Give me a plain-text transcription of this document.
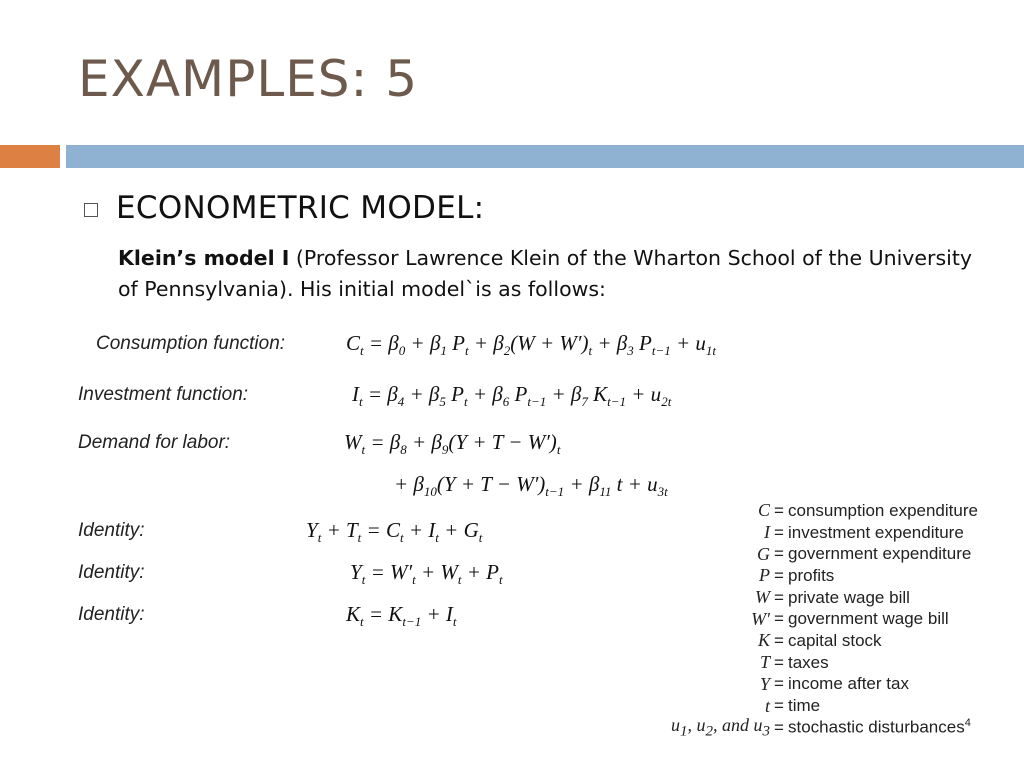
EXAMPLES: 5
ECONOMETRIC MODEL:
Klein’s model I (Professor Lawrence Klein of the Wharton School of the University of Pennsylvania). His initial model`is as follows:
Consumption function:
Investment function:
Demand for labor:
Identity:
Identity:
Identity:
$C_t = \beta_0 + \beta_1$ $P_t + \beta_2(W + W')_t + \beta_3$ $P_{t-1} + u_{1t}$
$I_t = \beta_4 + \beta_5$ $P_t + \beta_6$ $P_{t-1} + \beta_7$ $K_{t-1} + u_{2t}$
$W_t = \beta_8 + \beta_9(Y + T - W')_t$
+ $\beta_{10}(Y + T - W')_{t-1} + \beta_{11}$ $t + u_{3t}$
$Y_t + T_t = C_t + I_t + G_t$
$Y_t = W'_t + W_t + P_t$
$K_t = K_{t-1} + I_t$
C = consumption expenditure
I = investment expenditure
G = government expenditure
P = profits
W = private wage bill
W′ = government wage bill
K = capital stock
T = taxes
Y = income after tax
t = time
$u_1$, $u_2$, and $u_3$ = stochastic disturbances$^4$
